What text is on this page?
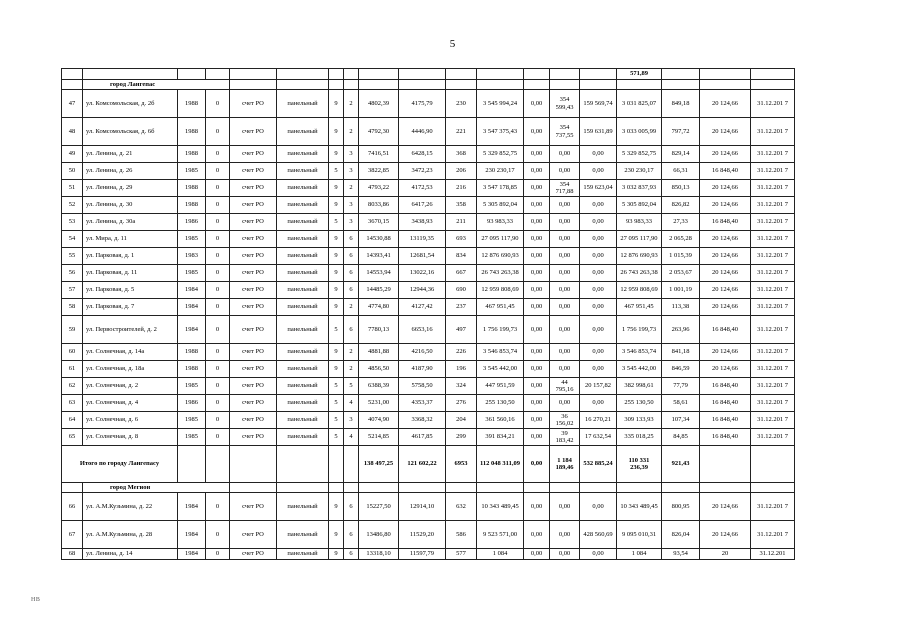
5
															571,89			
	город Лангепас																	
47	ул. Комсомольская, д. 2б	1988	0	счет РО	панельный	9	2	4802,39	4175,79	230	3 545 994,24	0,00	354 599,43	159 569,74	3 031 825,07	849,18	20 124,66	31.12.201 7
48	ул. Комсомольская, д. 6б	1988	0	счет РО	панельный	9	2	4792,30	4446,90	221	3 547 375,43	0,00	354 737,55	159 631,89	3 033 005,99	797,72	20 124,66	31.12.201 7
49	ул. Ленина, д. 21	1988	0	счет РО	панельный	9	3	7416,51	6428,15	368	5 329 852,75	0,00	0,00	0,00	5 329 852,75	829,14	20 124,66	31.12.201 7
50	ул. Ленина, д. 26	1985	0	счет РО	панельный	5	3	3822,85	3472,23	206	230 230,17	0,00	0,00	0,00	230 230,17	66,31	16 848,40	31.12.201 7
51	ул. Ленина, д. 29	1988	0	счет РО	панельный	9	2	4793,22	4172,53	216	3 547 178,85	0,00	354 717,88	159 623,04	3 032 837,93	850,13	20 124,66	31.12.201 7
52	ул. Ленина, д. 30	1988	0	счет РО	панельный	9	3	8033,86	6417,26	358	5 305 892,04	0,00	0,00	0,00	5 305 892,04	826,82	20 124,66	31.12.201 7
53	ул. Ленина, д. 30а	1986	0	счет РО	панельный	5	3	3670,15	3438,93	211	93 983,33	0,00	0,00	0,00	93 983,33	27,33	16 848,40	31.12.201 7
54	ул. Мира, д. 11	1985	0	счет РО	панельный	9	6	14530,88	13119,35	693	27 095 117,90	0,00	0,00	0,00	27 095 117,90	2 065,28	20 124,66	31.12.201 7
55	ул. Парковая, д. 1	1983	0	счет РО	панельный	9	6	14393,41	12681,54	834	12 876 690,93	0,00	0,00	0,00	12 876 690,93	1 015,39	20 124,66	31.12.201 7
56	ул. Парковая, д. 11	1985	0	счет РО	панельный	9	6	14553,94	13022,16	667	26 743 263,38	0,00	0,00	0,00	26 743 263,38	2 053,67	20 124,66	31.12.201 7
57	ул. Парковая, д. 5	1984	0	счет РО	панельный	9	6	14485,29	12944,36	690	12 959 808,69	0,00	0,00	0,00	12 959 808,69	1 001,19	20 124,66	31.12.201 7
58	ул. Парковая, д. 7	1984	0	счет РО	панельный	9	2	4774,80	4127,42	237	467 951,45	0,00	0,00	0,00	467 951,45	113,38	20 124,66	31.12.201 7
59	ул. Первостроителей, д. 2	1984	0	счет РО	панельный	5	6	7780,13	6653,16	497	1 756 199,73	0,00	0,00	0,00	1 756 199,73	263,96	16 848,40	31.12.201 7
60	ул. Солнечная, д. 14а	1988	0	счет РО	панельный	9	2	4881,88	4216,50	226	3 546 853,74	0,00	0,00	0,00	3 546 853,74	841,18	20 124,66	31.12.201 7
61	ул. Солнечная, д. 18а	1988	0	счет РО	панельный	9	2	4856,50	4187,90	196	3 545 442,00	0,00	0,00	0,00	3 545 442,00	846,59	20 124,66	31.12.201 7
62	ул. Солнечная, д. 2	1985	0	счет РО	панельный	5	5	6388,39	5758,50	324	447 951,59	0,00	44 795,16	20 157,82	382 998,61	77,79	16 848,40	31.12.201 7
63	ул. Солнечная, д. 4	1986	0	счет РО	панельный	5	4	5231,00	4353,37	276	255 130,50	0,00	0,00	0,00	255 130,50	58,61	16 848,40	31.12.201 7
64	ул. Солнечная, д. 6	1985	0	счет РО	панельный	5	3	4074,90	3368,32	204	361 560,16	0,00	36 156,02	16 270,21	309 133,93	107,34	16 848,40	31.12.201 7
65	ул. Солнечная, д. 8	1985	0	счет РО	панельный	5	4	5214,85	4617,85	299	391 834,21	0,00	39 183,42	17 632,54	335 018,25	84,85	16 848,40	31.12.201 7
Итого по городу Лангепасу								138 497,25	121 602,22	6953	112 048 311,09	0,00	1 184 189,46	532 885,24	110 331 236,39	921,43		
	город Мегион																	
66	ул. А.М.Кузьмина, д. 22	1984	0	счет РО	панельный	9	6	15227,50	12914,10	632	10 343 489,45	0,00	0,00	0,00	10 343 489,45	800,95	20 124,66	31.12.201 7
67	ул. А.М.Кузьмина, д. 28	1984	0	счет РО	панельный	9	6	13486,80	11529,20	586	9 523 571,00	0,00	0,00	428 560,69	9 095 010,31	826,04	20 124,66	31.12.201 7
68	ул. Ленина, д. 14	1984	0	счет РО	панельный	9	6	13318,10	11597,79	577	1 084	0,00	0,00	0,00	1 084	93,54	20	31.12.201
НВ
